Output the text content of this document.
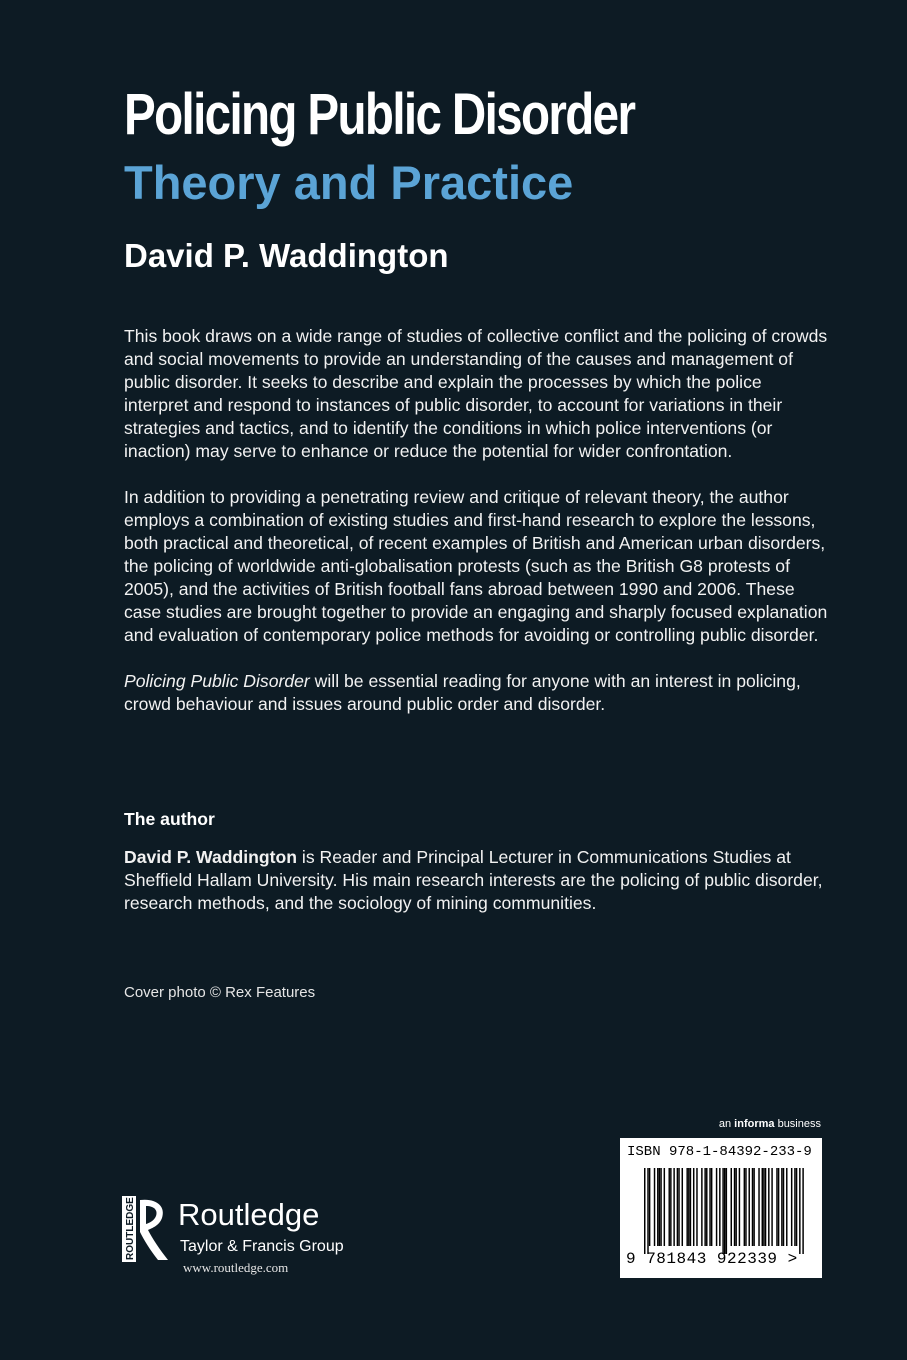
Policing Public Disorder
Theory and Practice
David P. Waddington

This book draws on a wide range of studies of collective conflict and the policing of crowds and social movements to provide an understanding of the causes and management of public disorder. It seeks to describe and explain the processes by which the police interpret and respond to instances of public disorder, to account for variations in their strategies and tactics, and to identify the conditions in which police interventions (or inaction) may serve to enhance or reduce the potential for wider confrontation.

In addition to providing a penetrating review and critique of relevant theory, the author employs a combination of existing studies and first-hand research to explore the lessons, both practical and theoretical, of recent examples of British and American urban disorders, the policing of worldwide anti-globalisation protests (such as the British G8 protests of 2005), and the activities of British football fans abroad between 1990 and 2006. These case studies are brought together to provide an engaging and sharply focused explanation and evaluation of contemporary police methods for avoiding or controlling public disorder.

Policing Public Disorder will be essential reading for anyone with an interest in policing, crowd behaviour and issues around public order and disorder.

The author

David P. Waddington is Reader and Principal Lecturer in Communications Studies at Sheffield Hallam University. His main research interests are the policing of public disorder, research methods, and the sociology of mining communities.

Cover photo © Rex Features

an informa business
ISBN 978-1-84392-233-9
9 781843 922339 >
ROUTLEDGE Routledge
Taylor & Francis Group
www.routledge.com
